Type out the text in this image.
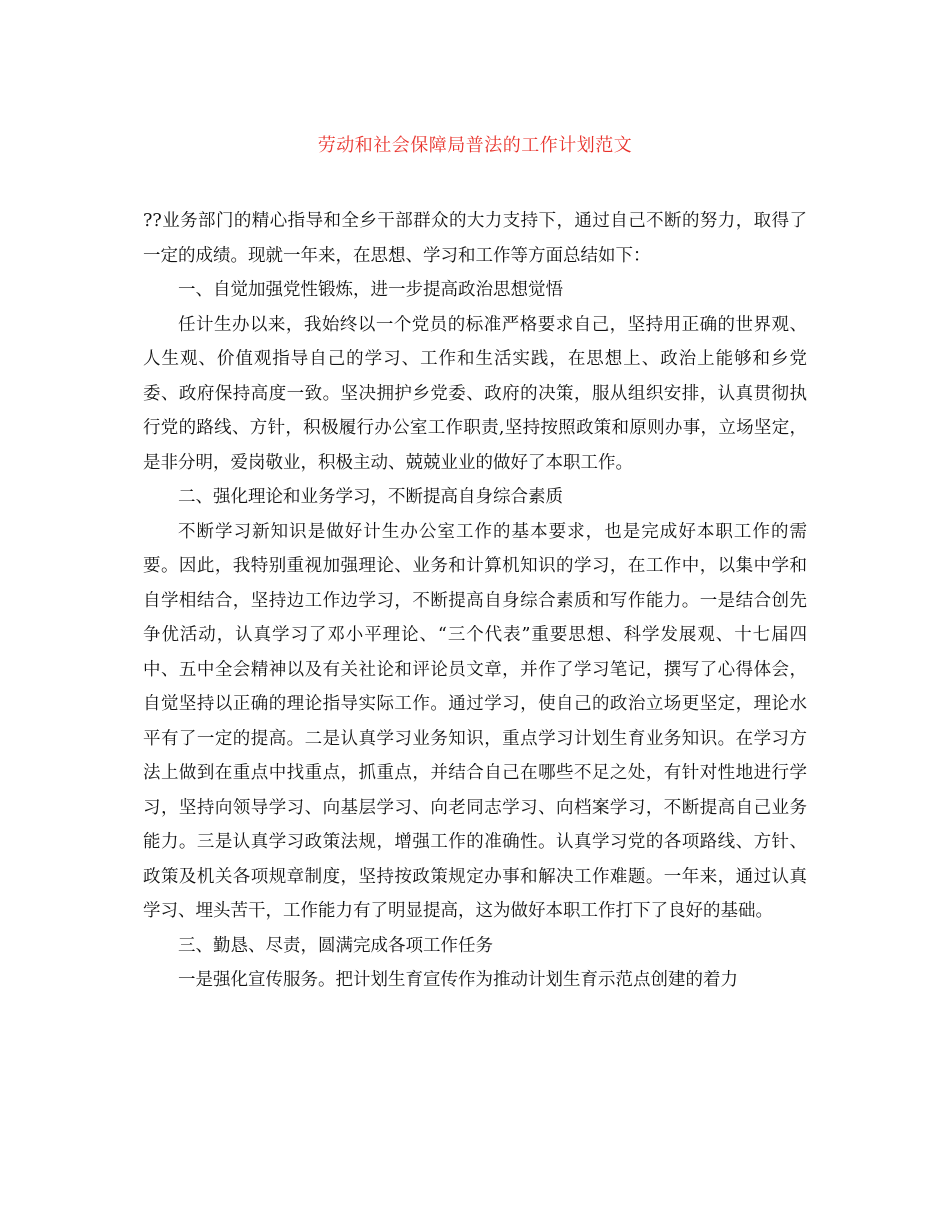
劳动和社会保障局普法的工作计划范文

??业务部门的精心指导和全乡干部群众的大力支持下，通过自己不断的努力，取得了一定的成绩。现就一年来，在思想、学习和工作等方面总结如下：

一、自觉加强党性锻炼，进一步提高政治思想觉悟

任计生办以来，我始终以一个党员的标准严格要求自己，坚持用正确的世界观、人生观、价值观指导自己的学习、工作和生活实践，在思想上、政治上能够和乡党委、政府保持高度一致。坚决拥护乡党委、政府的决策，服从组织安排，认真贯彻执行党的路线、方针，积极履行办公室工作职责,坚持按照政策和原则办事，立场坚定，是非分明，爱岗敬业，积极主动、兢兢业业的做好了本职工作。

二、强化理论和业务学习，不断提高自身综合素质

不断学习新知识是做好计生办公室工作的基本要求，也是完成好本职工作的需要。因此，我特别重视加强理论、业务和计算机知识的学习，在工作中，以集中学和自学相结合，坚持边工作边学习，不断提高自身综合素质和写作能力。一是结合创先争优活动，认真学习了邓小平理论、“三个代表”重要思想、科学发展观、十七届四中、五中全会精神以及有关社论和评论员文章，并作了学习笔记，撰写了心得体会，自觉坚持以正确的理论指导实际工作。通过学习，使自己的政治立场更坚定，理论水平有了一定的提高。二是认真学习业务知识，重点学习计划生育业务知识。在学习方法上做到在重点中找重点，抓重点，并结合自己在哪些不足之处，有针对性地进行学习，坚持向领导学习、向基层学习、向老同志学习、向档案学习，不断提高自己业务能力。三是认真学习政策法规，增强工作的准确性。认真学习党的各项路线、方针、政策及机关各项规章制度，坚持按政策规定办事和解决工作难题。一年来，通过认真学习、埋头苦干，工作能力有了明显提高，这为做好本职工作打下了良好的基础。

三、勤恳、尽责，圆满完成各项工作任务

一是强化宣传服务。把计划生育宣传作为推动计划生育示范点创建的着力
